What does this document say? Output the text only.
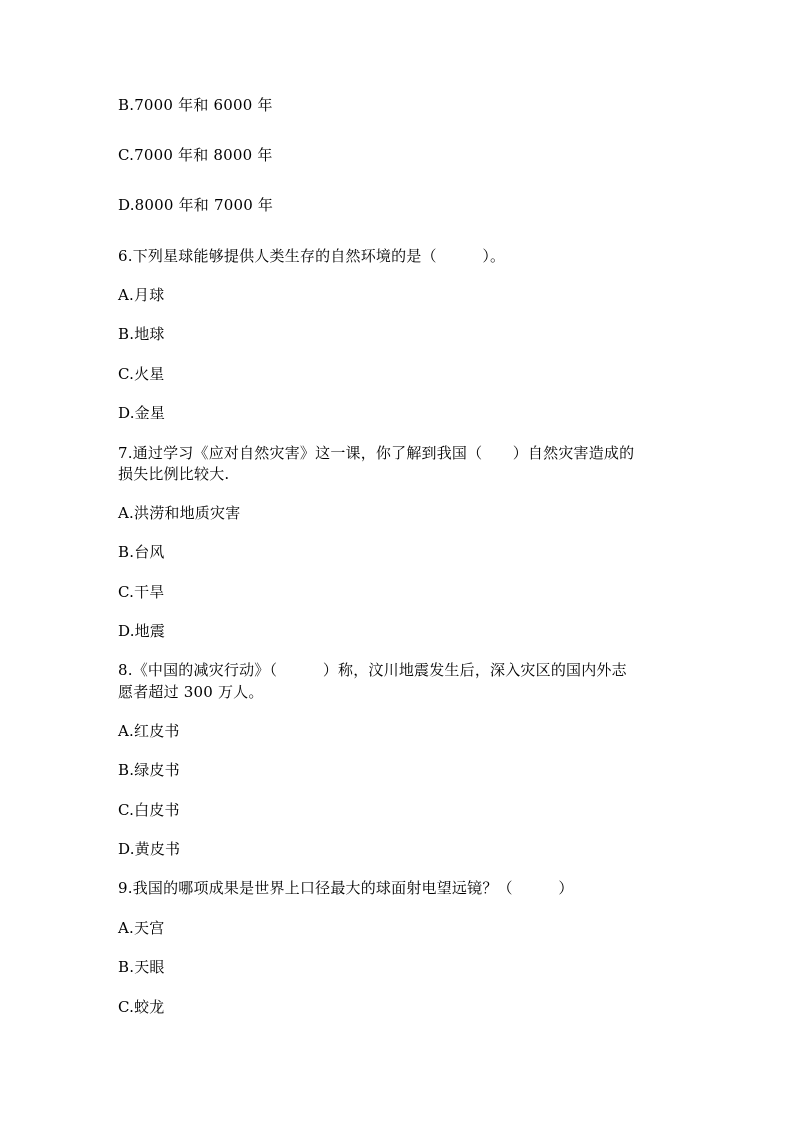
B.7000 年和 6000 年
C.7000 年和 8000 年
D.8000 年和 7000 年
6.下列星球能够提供人类生存的自然环境的是（　　　）。
A.月球
B.地球
C.火星
D.金星
7.通过学习《应对自然灾害》这一课，你了解到我国（　　）自然灾害造成的
损失比例比较大.
A.洪涝和地质灾害
B.台风
C.干旱
D.地震
8.《中国的减灾行动》（　　　）称，汶川地震发生后，深入灾区的国内外志
愿者超过 300 万人。
A.红皮书
B.绿皮书
C.白皮书
D.黄皮书
9.我国的哪项成果是世界上口径最大的球面射电望远镜？（　　　）
A.天宫
B.天眼
C.蛟龙
